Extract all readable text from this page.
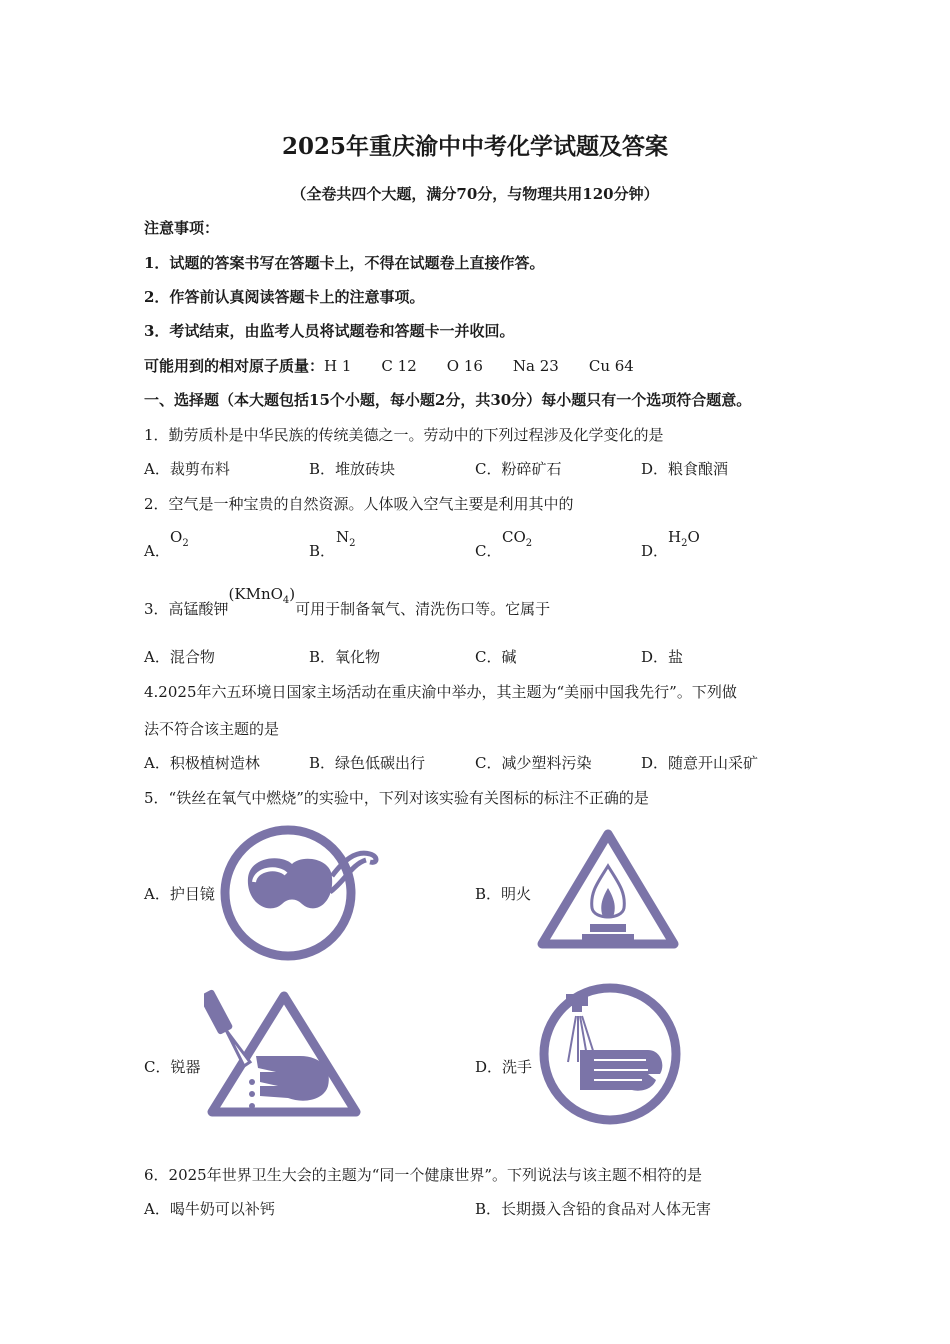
2025年重庆渝中中考化学试题及答案
（全卷共四个大题，满分70分，与物理共用120分钟）
注意事项：
1．试题的答案书写在答题卡上，不得在试题卷上直接作答。
2．作答前认真阅读答题卡上的注意事项。
3．考试结束，由监考人员将试题卷和答题卡一并收回。
可能用到的相对原子质量：H 1 C 12 O 16 Na 23 Cu 64
一、选择题（本大题包括15个小题，每小题2分，共30分）每小题只有一个选项符合题意。
1．勤劳质朴是中华民族的传统美德之一。劳动中的下列过程涉及化学变化的是
A．裁剪布料	B．堆放砖块	C．粉碎矿石	D．粮食酿酒
2．空气是一种宝贵的自然资源。人体吸入空气主要是利用其中的
A．
$O_2$	B．
$N_2$	C．
$CO_2$	D．
$H_2O$
3．高锰酸钾(KMnO$_4$)可用于制备氧气、清洗伤口等。它属于
A．混合物	B．氧化物	C．碱	D．盐
4.2025年六五环境日国家主场活动在重庆渝中举办，其主题为“美丽中国我先行”。下列做
法不符合该主题的是
A．积极植树造林	B．绿色低碳出行	C．减少塑料污染	D．随意开山采矿
5．“铁丝在氧气中燃烧”的实验中，下列对该实验有关图标的标注不正确的是
A．护目镜	B．明火
C．锐器	D．洗手
6．2025年世界卫生大会的主题为“同一个健康世界”。下列说法与该主题不相符的是
A．喝牛奶可以补钙	B．长期摄入含铅的食品对人体无害
